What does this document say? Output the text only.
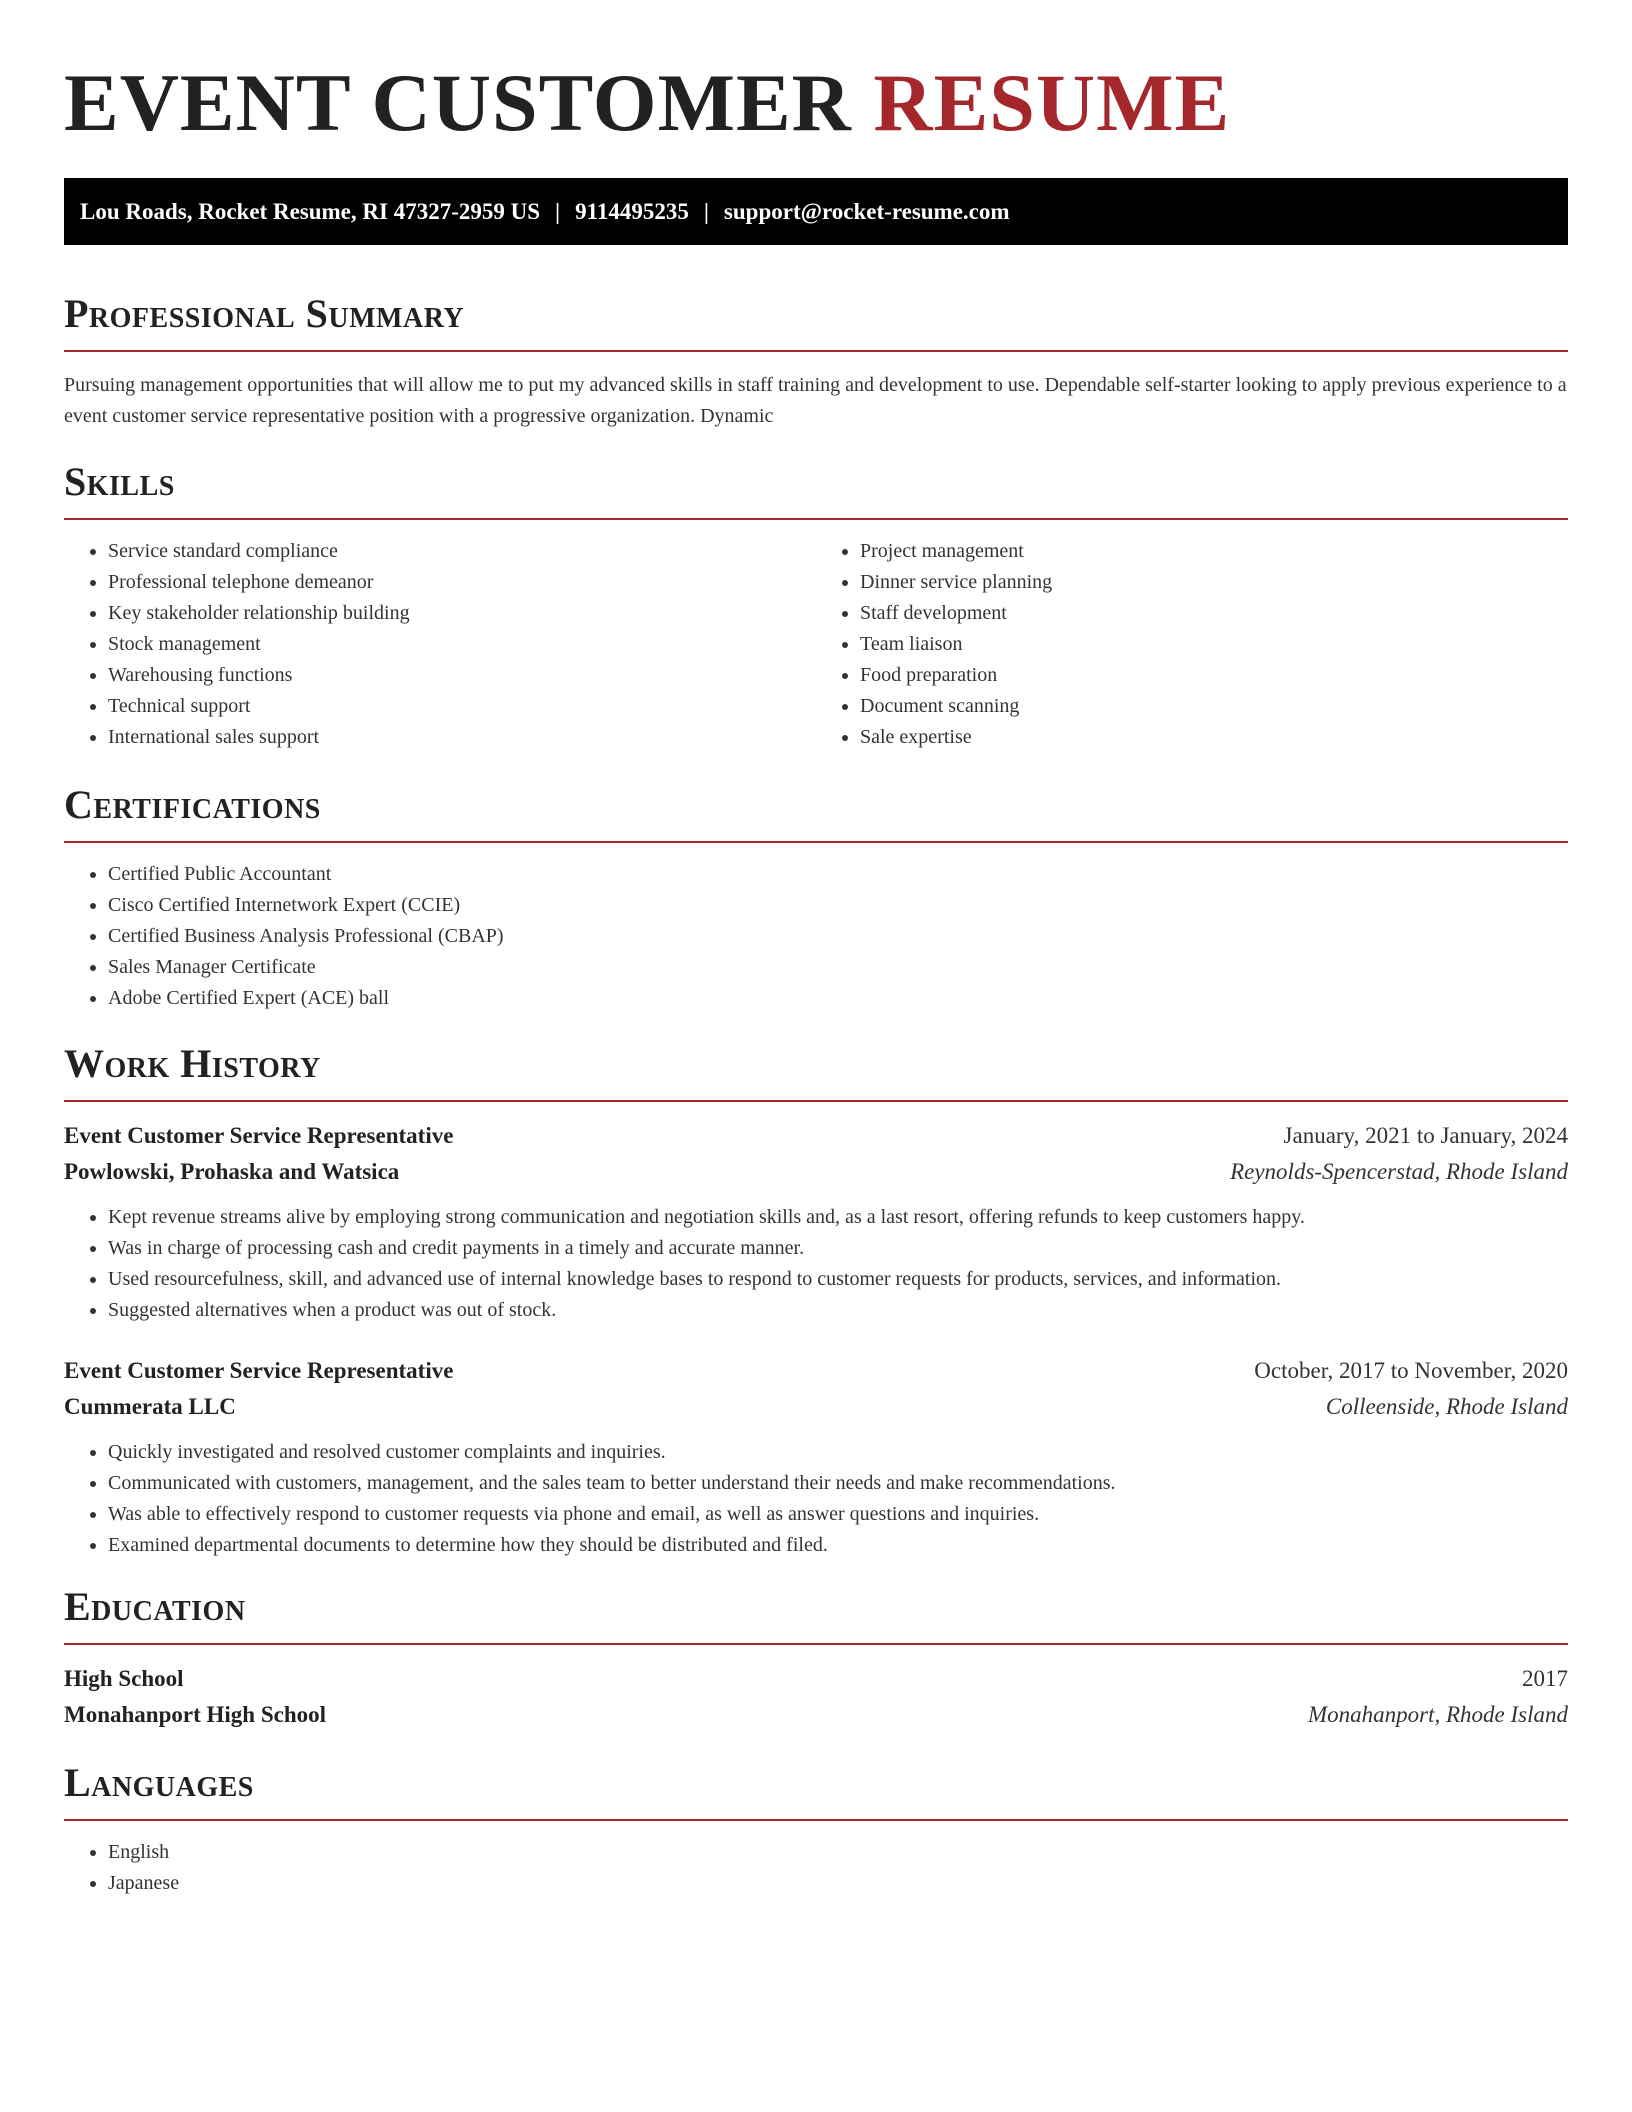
EVENT CUSTOMER RESUME
Lou Roads, Rocket Resume, RI 47327-2959 US | 9114495235 | support@rocket-resume.com
Professional Summary

Pursuing management opportunities that will allow me to put my advanced skills in staff training and development to use. Dependable self-starter looking to apply previous experience to a event customer service representative position with a progressive organization. Dynamic

Skills
• Service standard compliance
• Professional telephone demeanor
• Key stakeholder relationship building
• Stock management
• Warehousing functions
• Technical support
• International sales support
• Project management
• Dinner service planning
• Staff development
• Team liaison
• Food preparation
• Document scanning
• Sale expertise
Certifications
• Certified Public Accountant
• Cisco Certified Internetwork Expert (CCIE)
• Certified Business Analysis Professional (CBAP)
• Sales Manager Certificate
• Adobe Certified Expert (ACE) ball
Work History
Event Customer Service Representative	January, 2021 to January, 2024
Powlowski, Prohaska and Watsica	Reynolds-Spencerstad, Rhode Island
• Kept revenue streams alive by employing strong communication and negotiation skills and, as a last resort, offering refunds to keep customers happy.
• Was in charge of processing cash and credit payments in a timely and accurate manner.
• Used resourcefulness, skill, and advanced use of internal knowledge bases to respond to customer requests for products, services, and information.
• Suggested alternatives when a product was out of stock.
Event Customer Service Representative	October, 2017 to November, 2020
Cummerata LLC	Colleenside, Rhode Island
• Quickly investigated and resolved customer complaints and inquiries.
• Communicated with customers, management, and the sales team to better understand their needs and make recommendations.
• Was able to effectively respond to customer requests via phone and email, as well as answer questions and inquiries.
• Examined departmental documents to determine how they should be distributed and filed.
Education
High School	2017
Monahanport High School	Monahanport, Rhode Island
Languages
• English
• Japanese
